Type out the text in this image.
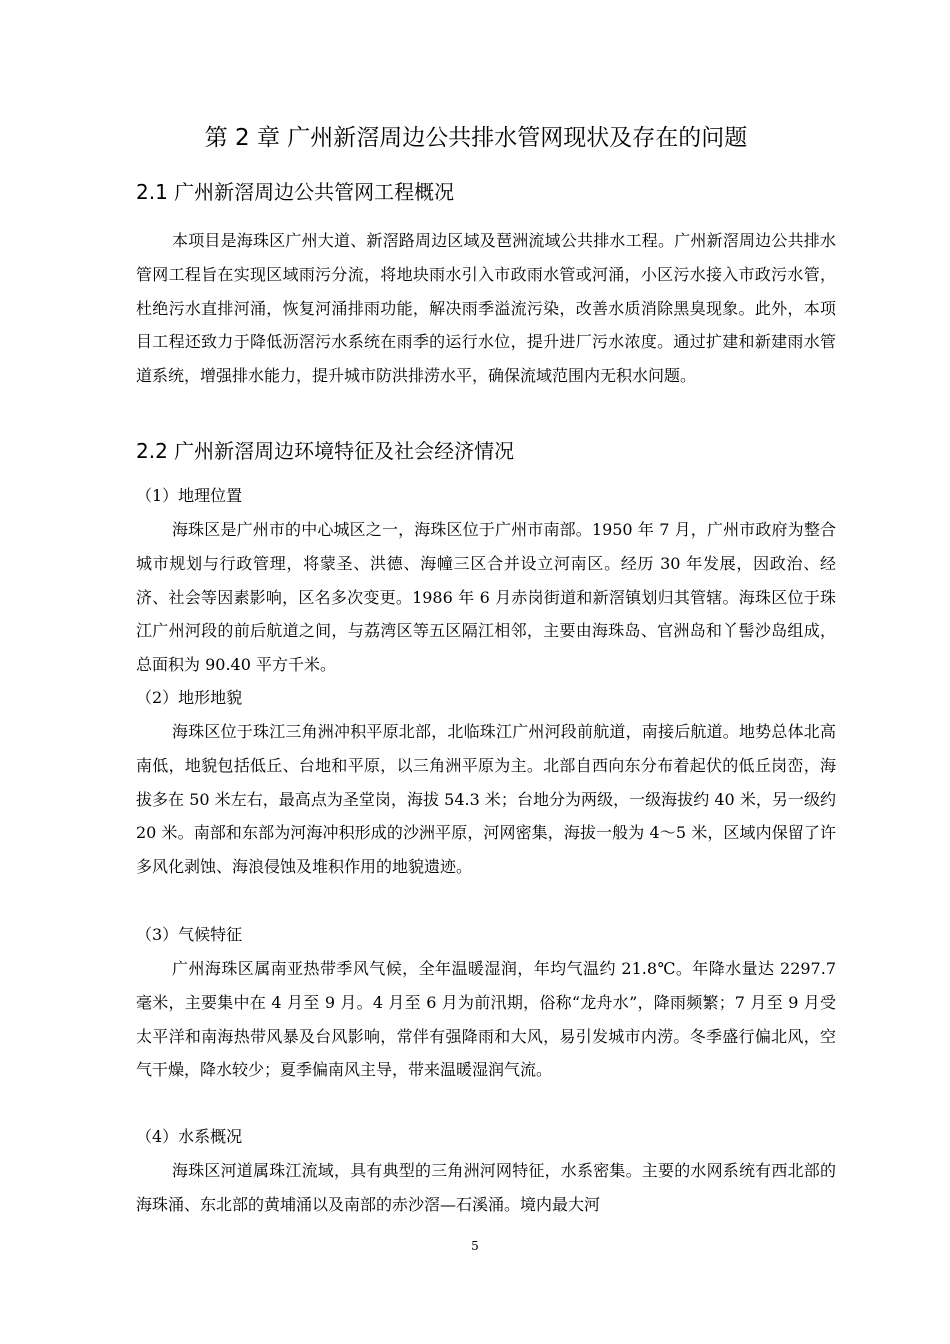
第 2 章 广州新滘周边公共排水管网现状及存在的问题
2.1 广州新滘周边公共管网工程概况

本项目是海珠区广州大道、新滘路周边区域及琶洲流域公共排水工程。广州新滘周边公共排水管网工程旨在实现区域雨污分流，将地块雨水引入市政雨水管或河涌，小区污水接入市政污水管，杜绝污水直排河涌，恢复河涌排雨功能，解决雨季溢流污染，改善水质消除黑臭现象。此外，本项目工程还致力于降低沥滘污水系统在雨季的运行水位，提升进厂污水浓度。通过扩建和新建雨水管道系统，增强排水能力，提升城市防洪排涝水平，确保流域范围内无积水问题。

2.2 广州新滘周边环境特征及社会经济情况
（1）地理位置

海珠区是广州市的中心城区之一，海珠区位于广州市南部。1950 年 7 月，广州市政府为整合城市规划与行政管理，将蒙圣、洪德、海幢三区合并设立河南区。经历 30 年发展，因政治、经济、社会等因素影响，区名多次变更。1986 年 6 月赤岗街道和新滘镇划归其管辖。海珠区位于珠江广州河段的前后航道之间，与荔湾区等五区隔江相邻，主要由海珠岛、官洲岛和丫髻沙岛组成，总面积为 90.40 平方千米。

（2）地形地貌

海珠区位于珠江三角洲冲积平原北部，北临珠江广州河段前航道，南接后航道。地势总体北高南低，地貌包括低丘、台地和平原，以三角洲平原为主。北部自西向东分布着起伏的低丘岗峦，海拔多在 50 米左右，最高点为圣堂岗，海拔 54.3 米；台地分为两级，一级海拔约 40 米，另一级约 20 米。南部和东部为河海冲积形成的沙洲平原，河网密集，海拔一般为 4～5 米，区域内保留了许多风化剥蚀、海浪侵蚀及堆积作用的地貌遗迹。

（3）气候特征

广州海珠区属南亚热带季风气候，全年温暖湿润，年均气温约 21.8℃。年降水量达 2297.7 毫米，主要集中在 4 月至 9 月。4 月至 6 月为前汛期，俗称“龙舟水”，降雨频繁；7 月至 9 月受太平洋和南海热带风暴及台风影响，常伴有强降雨和大风，易引发城市内涝。冬季盛行偏北风，空气干燥，降水较少；夏季偏南风主导，带来温暖湿润气流。

（4）水系概况

海珠区河道属珠江流域，具有典型的三角洲河网特征，水系密集。主要的水网系统有西北部的海珠涌、东北部的黄埔涌以及南部的赤沙滘—石溪涌。境内最大河

5
